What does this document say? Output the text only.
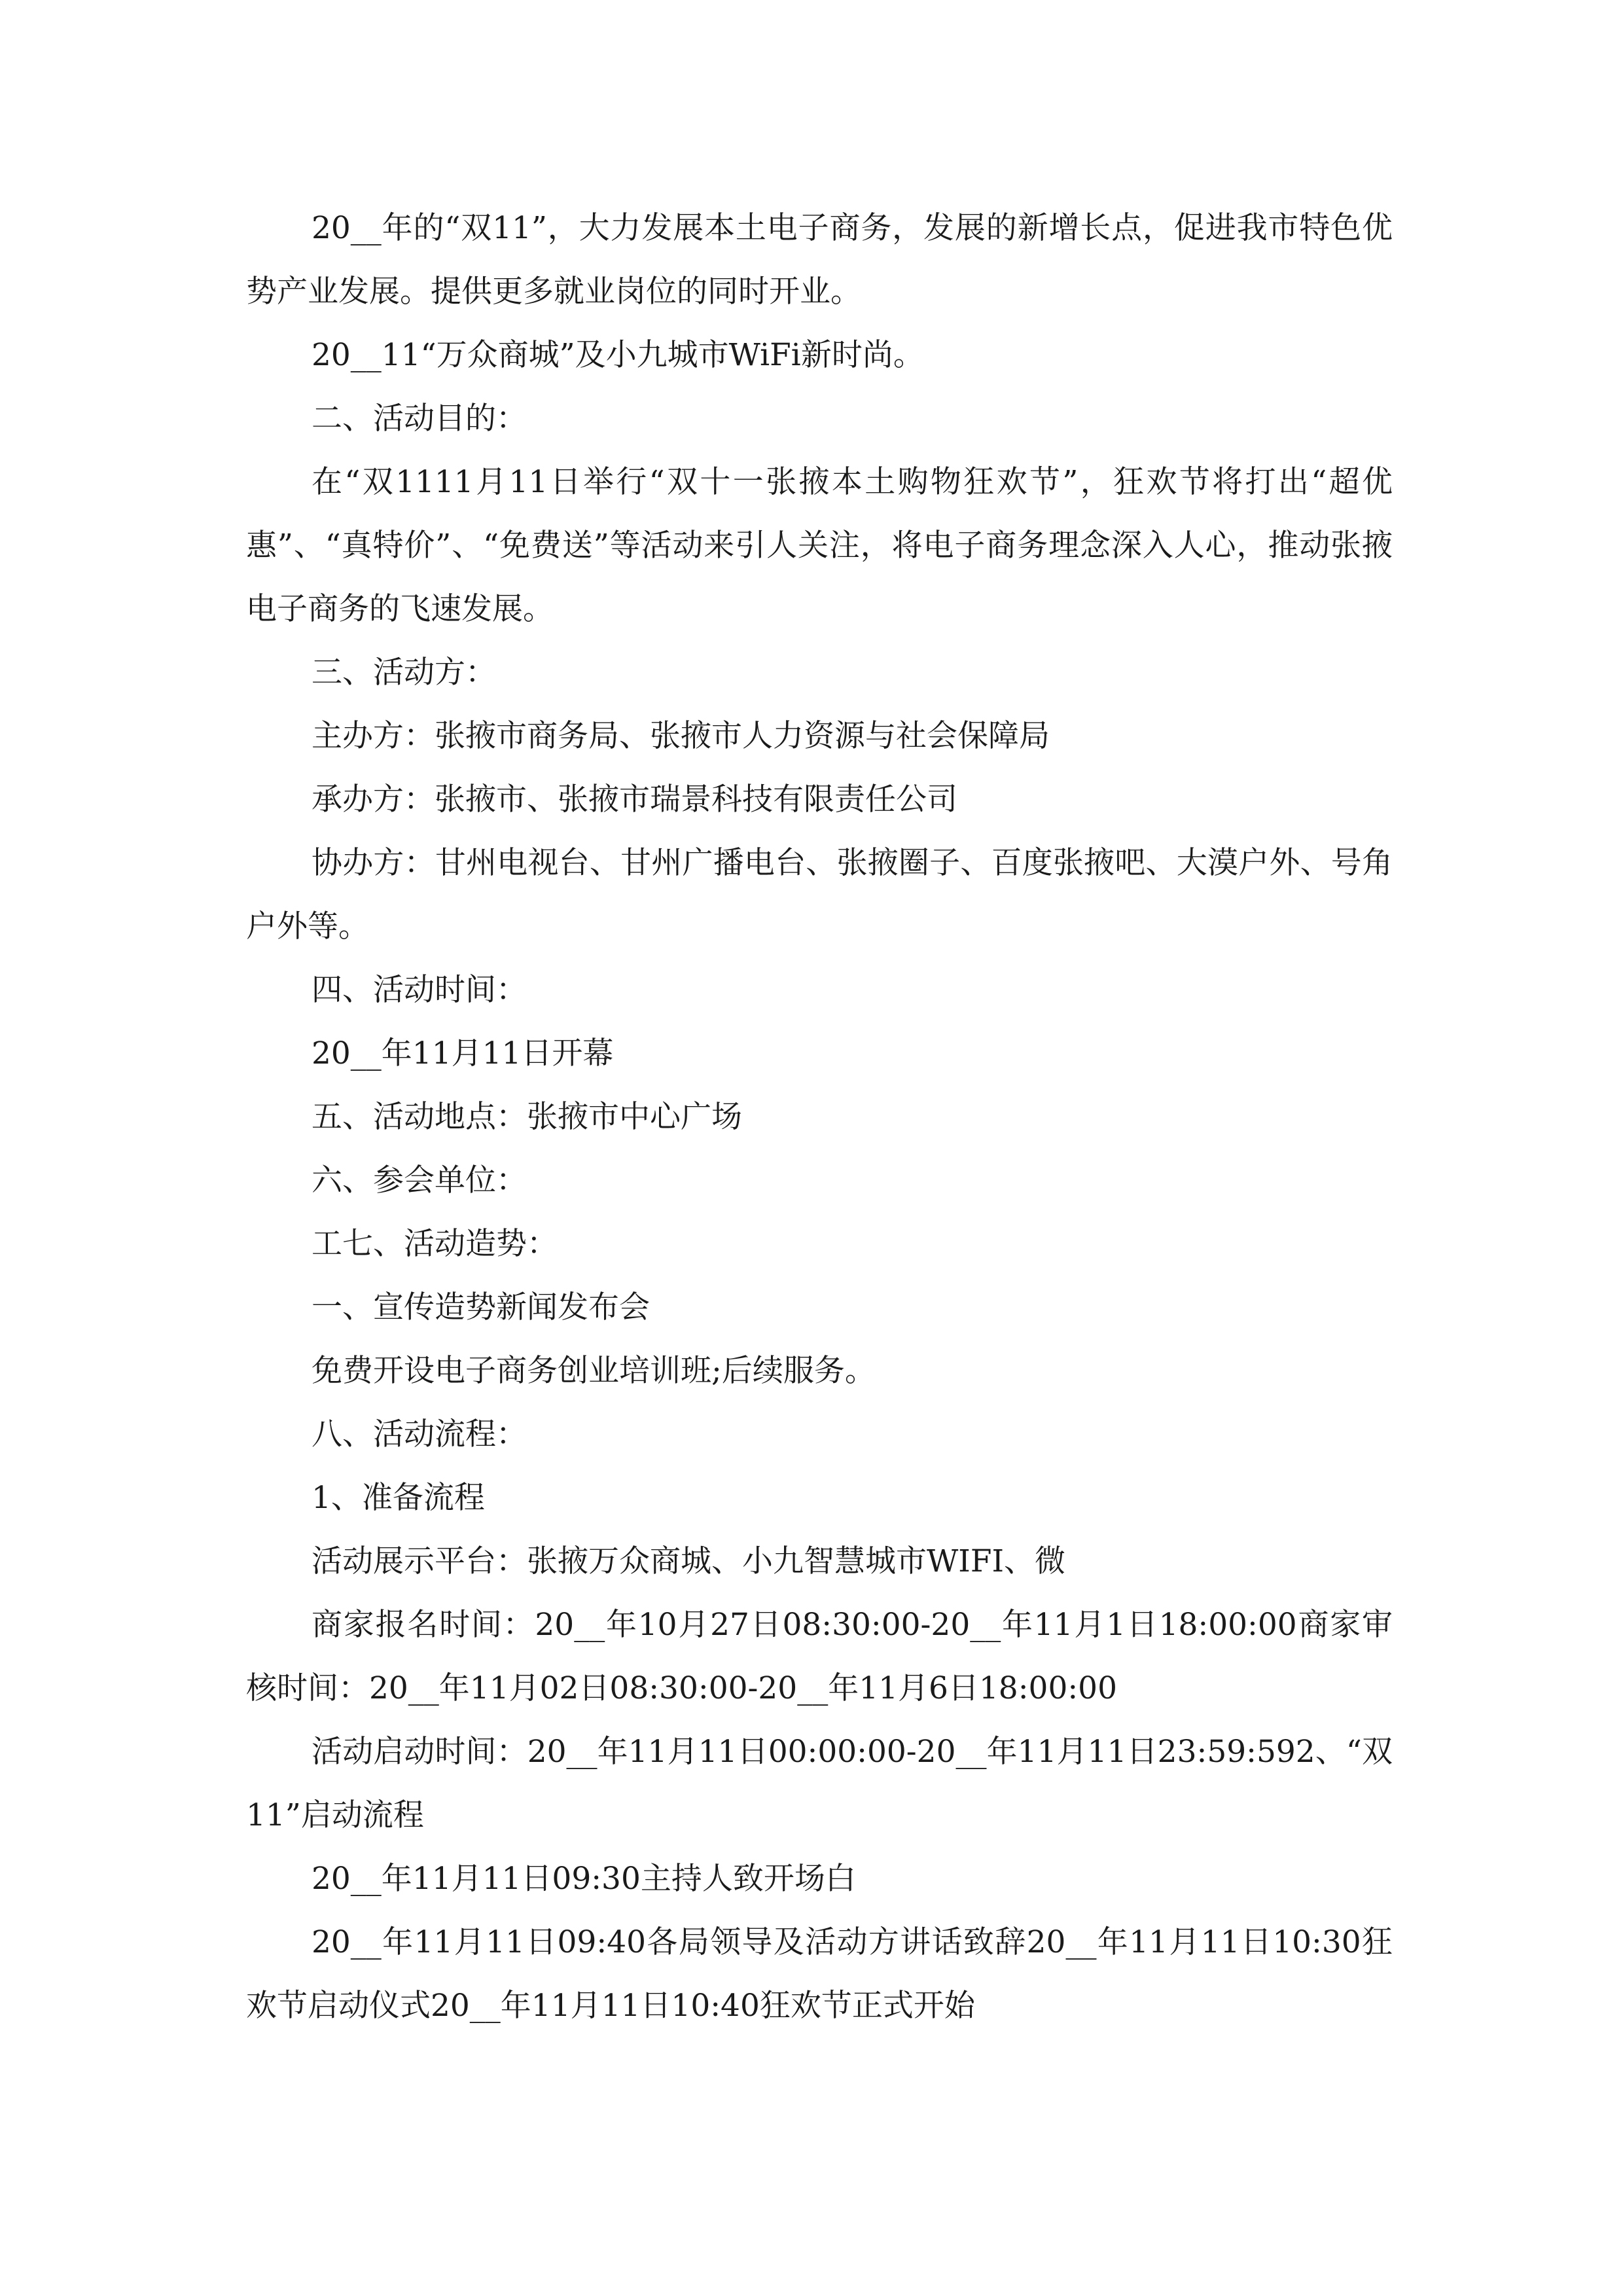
20__年的“双11”，大力发展本土电子商务，发展的新增长点，促进我市特色优势产业发展。提供更多就业岗位的同时开业。

20__11“万众商城”及小九城市WiFi新时尚。

二、活动目的：

在“双1111月11日举行“双十一张掖本土购物狂欢节”，狂欢节将打出“超优惠”、“真特价”、“免费送”等活动来引人关注，将电子商务理念深入人心，推动张掖电子商务的飞速发展。

三、活动方：

主办方：张掖市商务局、张掖市人力资源与社会保障局

承办方：张掖市、张掖市瑞景科技有限责任公司

协办方：甘州电视台、甘州广播电台、张掖圈子、百度张掖吧、大漠户外、号角户外等。

四、活动时间：

20__年11月11日开幕

五、活动地点：张掖市中心广场

六、参会单位：

工七、活动造势：

一、宣传造势新闻发布会

免费开设电子商务创业培训班;后续服务。

八、活动流程：

1、准备流程

活动展示平台：张掖万众商城、小九智慧城市WIFI、微

商家报名时间：20__年10月27日08:30:00-20__年11月1日18:00:00商家审核时间：20__年11月02日08:30:00-20__年11月6日18:00:00

活动启动时间：20__年11月11日00:00:00-20__年11月11日23:59:592、“双11”启动流程

20__年11月11日09:30主持人致开场白

20__年11月11日09:40各局领导及活动方讲话致辞20__年11月11日10:30狂欢节启动仪式20__年11月11日10:40狂欢节正式开始
